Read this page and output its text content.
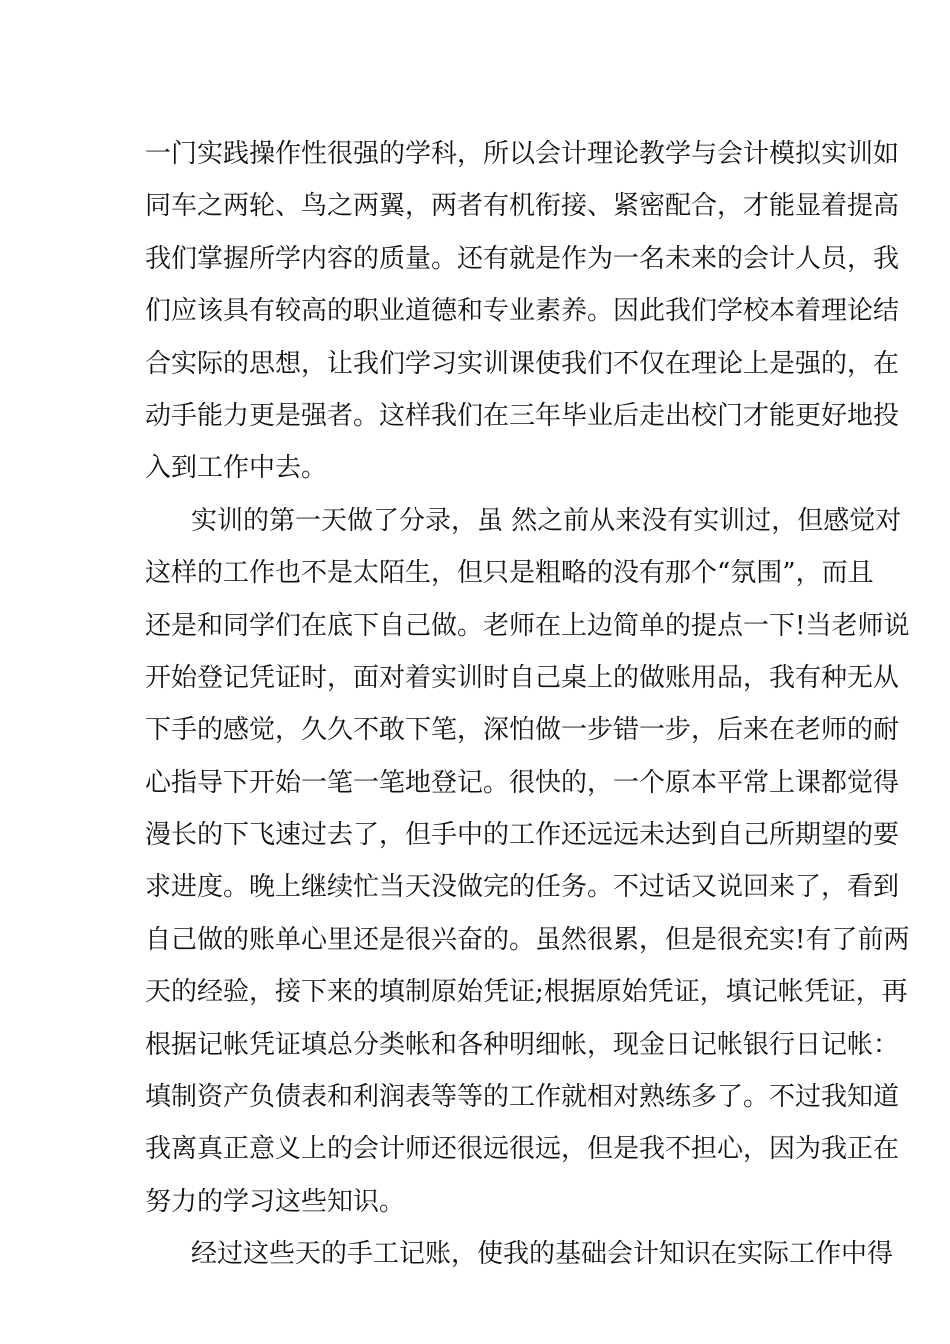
一门实践操作性很强的学科，所以会计理论教学与会计模拟实训如
同车之两轮、鸟之两翼，两者有机衔接、紧密配合，才能显着提高
我们掌握所学内容的质量。还有就是作为一名未来的会计人员，我
们应该具有较高的职业道德和专业素养。因此我们学校本着理论结
合实际的思想，让我们学习实训课使我们不仅在理论上是强的，在
动手能力更是强者。这样我们在三年毕业后走出校门才能更好地投
入到工作中去。
实训的第一天做了分录，虽 然之前从来没有实训过，但感觉对
这样的工作也不是太陌生，但只是粗略的没有那个“氛围”，而且
还是和同学们在底下自己做。老师在上边简单的提点一下!当老师说
开始登记凭证时，面对着实训时自己桌上的做账用品，我有种无从
下手的感觉，久久不敢下笔，深怕做一步错一步，后来在老师的耐
心指导下开始一笔一笔地登记。很快的，一个原本平常上课都觉得
漫长的下飞速过去了，但手中的工作还远远未达到自己所期望的要
求进度。晚上继续忙当天没做完的任务。不过话又说回来了，看到
自己做的账单心里还是很兴奋的。虽然很累，但是很充实!有了前两
天的经验，接下来的填制原始凭证;根据原始凭证，填记帐凭证，再
根据记帐凭证填总分类帐和各种明细帐，现金日记帐银行日记帐：
填制资产负债表和利润表等等的工作就相对熟练多了。不过我知道
我离真正意义上的会计师还很远很远，但是我不担心，因为我正在
努力的学习这些知识。
经过这些天的手工记账，使我的基础会计知识在实际工作中得
